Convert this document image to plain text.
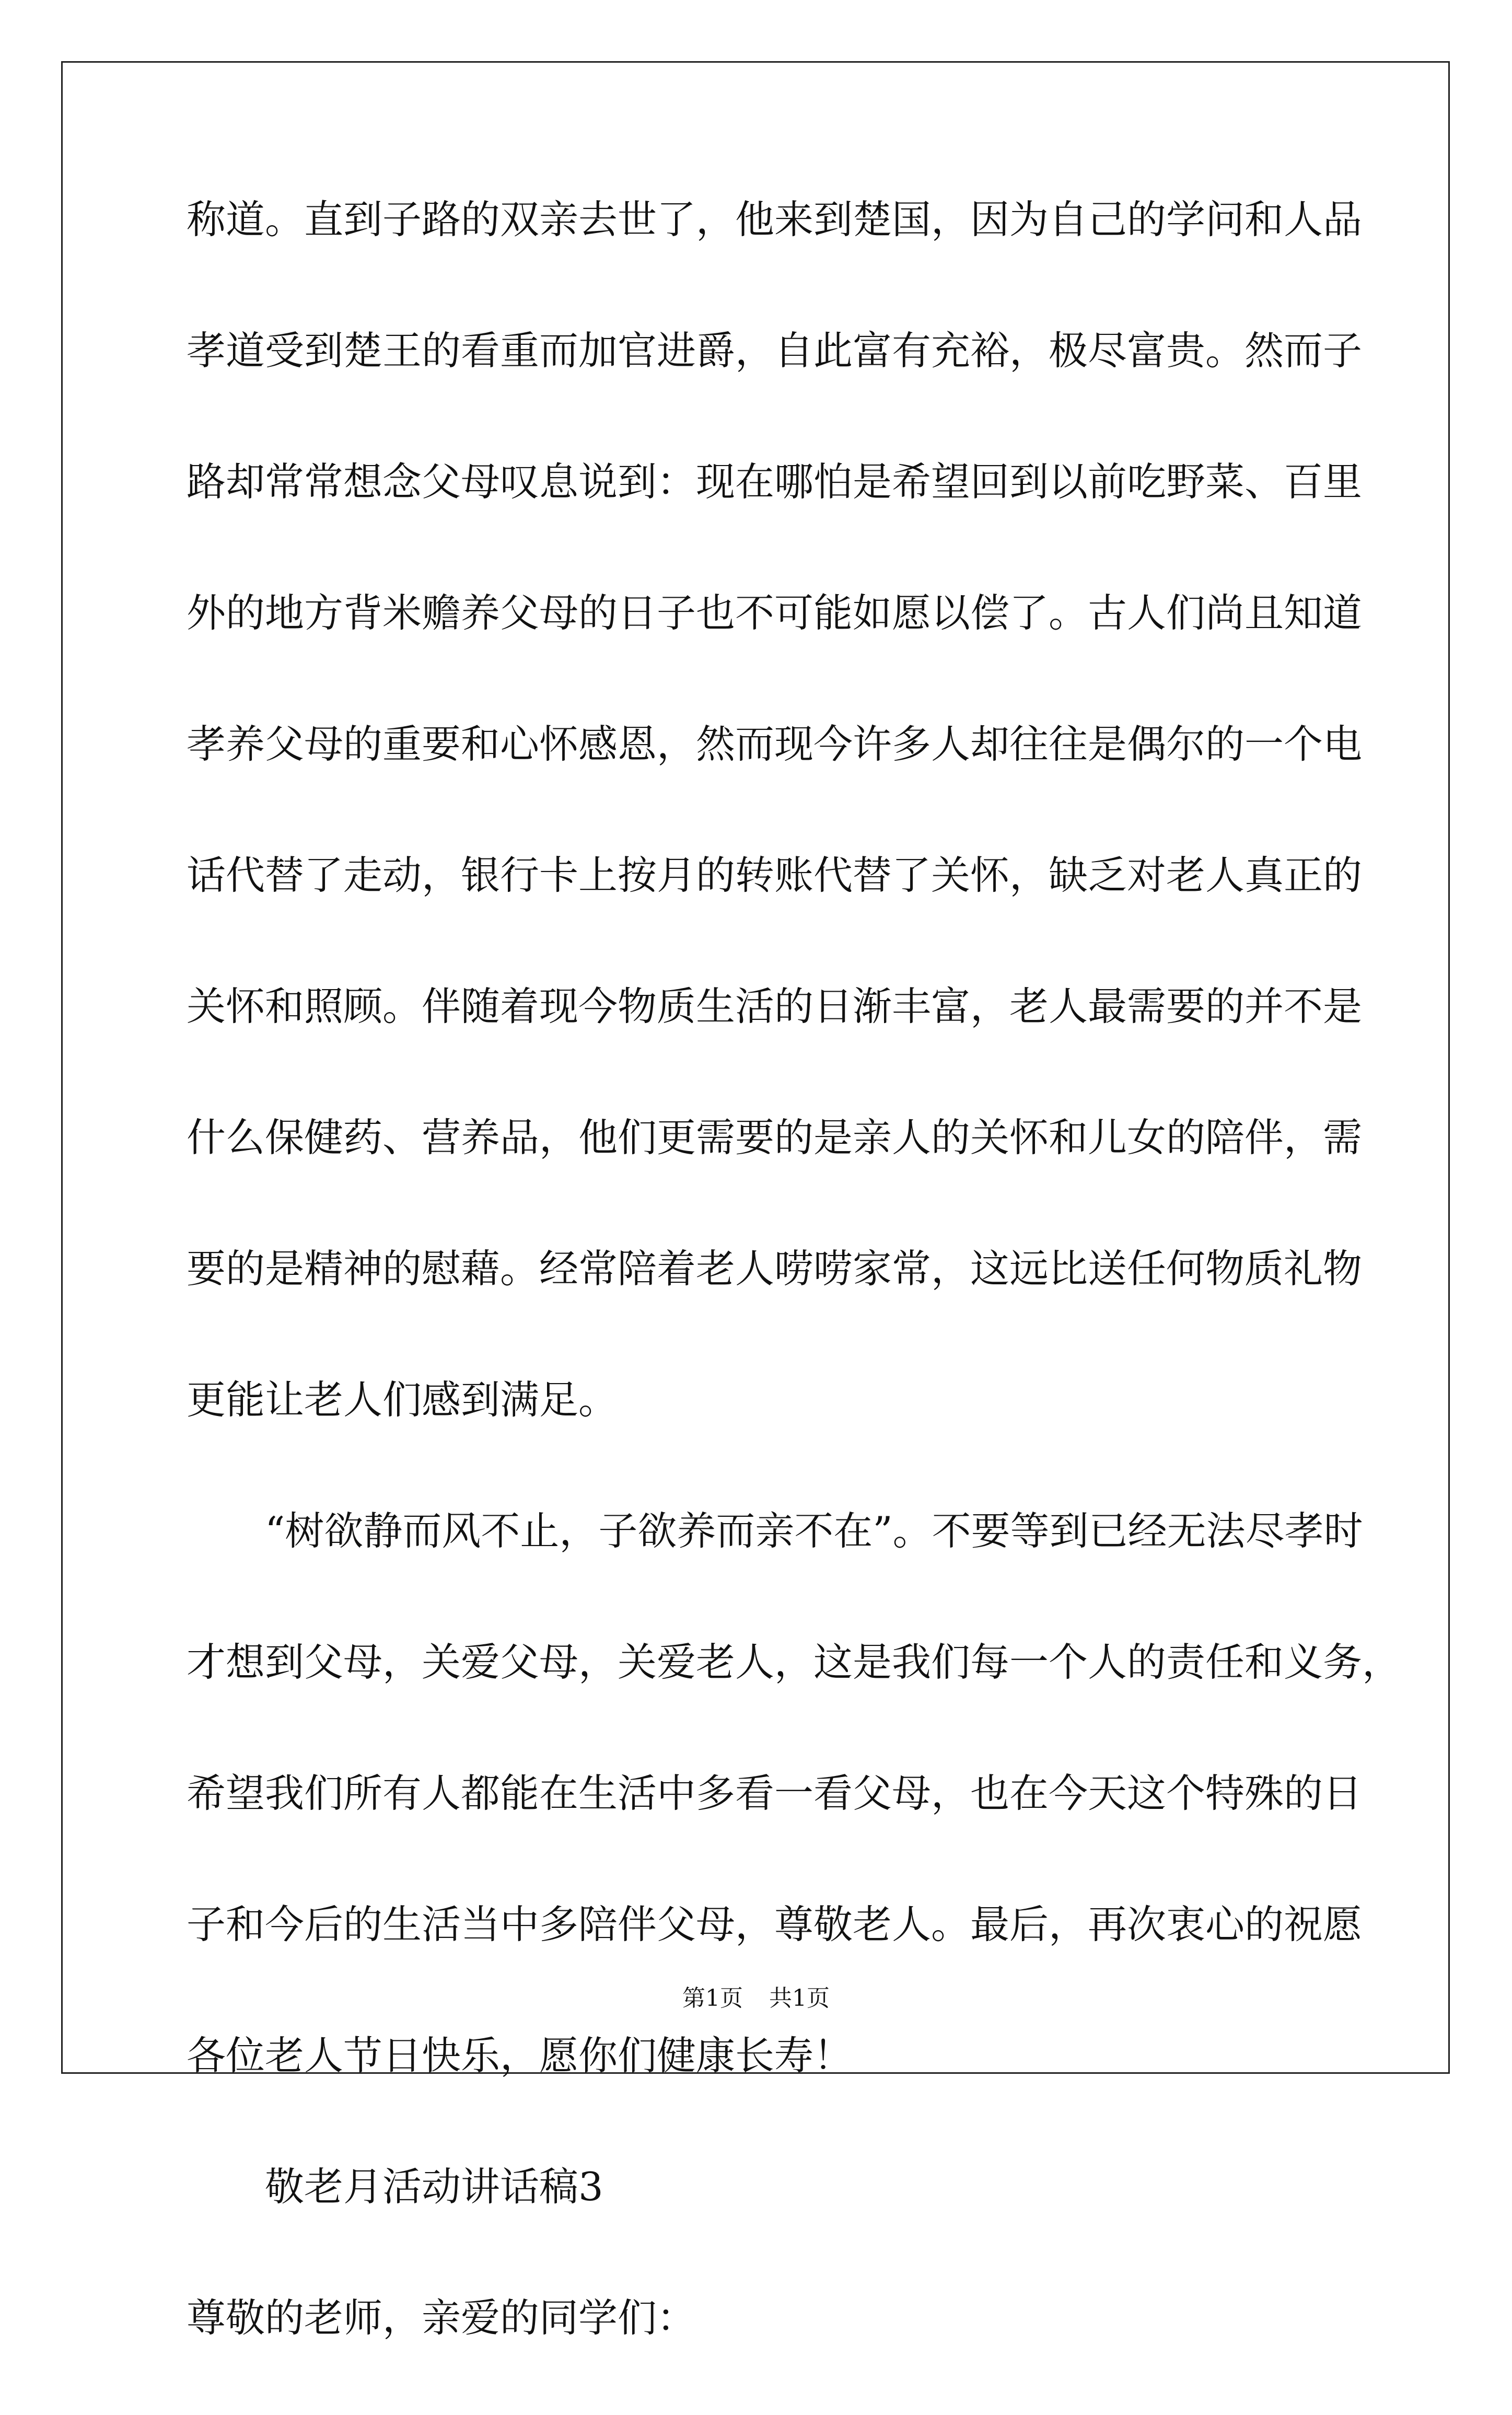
称道。直到子路的双亲去世了，他来到楚国，因为自己的学问和人品
孝道受到楚王的看重而加官进爵，自此富有充裕，极尽富贵。然而子
路却常常想念父母叹息说到：现在哪怕是希望回到以前吃野菜、百里
外的地方背米赡养父母的日子也不可能如愿以偿了。古人们尚且知道
孝养父母的重要和心怀感恩，然而现今许多人却往往是偶尔的一个电
话代替了走动，银行卡上按月的转账代替了关怀，缺乏对老人真正的
关怀和照顾。伴随着现今物质生活的日渐丰富，老人最需要的并不是
什么保健药、营养品，他们更需要的是亲人的关怀和儿女的陪伴，需
要的是精神的慰藉。经常陪着老人唠唠家常，这远比送任何物质礼物
更能让老人们感到满足。
“树欲静而风不止，子欲养而亲不在”。不要等到已经无法尽孝时
才想到父母，关爱父母，关爱老人，这是我们每一个人的责任和义务，
希望我们所有人都能在生活中多看一看父母，也在今天这个特殊的日
子和今后的生活当中多陪伴父母，尊敬老人。最后，再次衷心的祝愿
各位老人节日快乐，愿你们健康长寿！
敬老月活动讲话稿3
尊敬的老师，亲爱的同学们：
第1页 共1页
